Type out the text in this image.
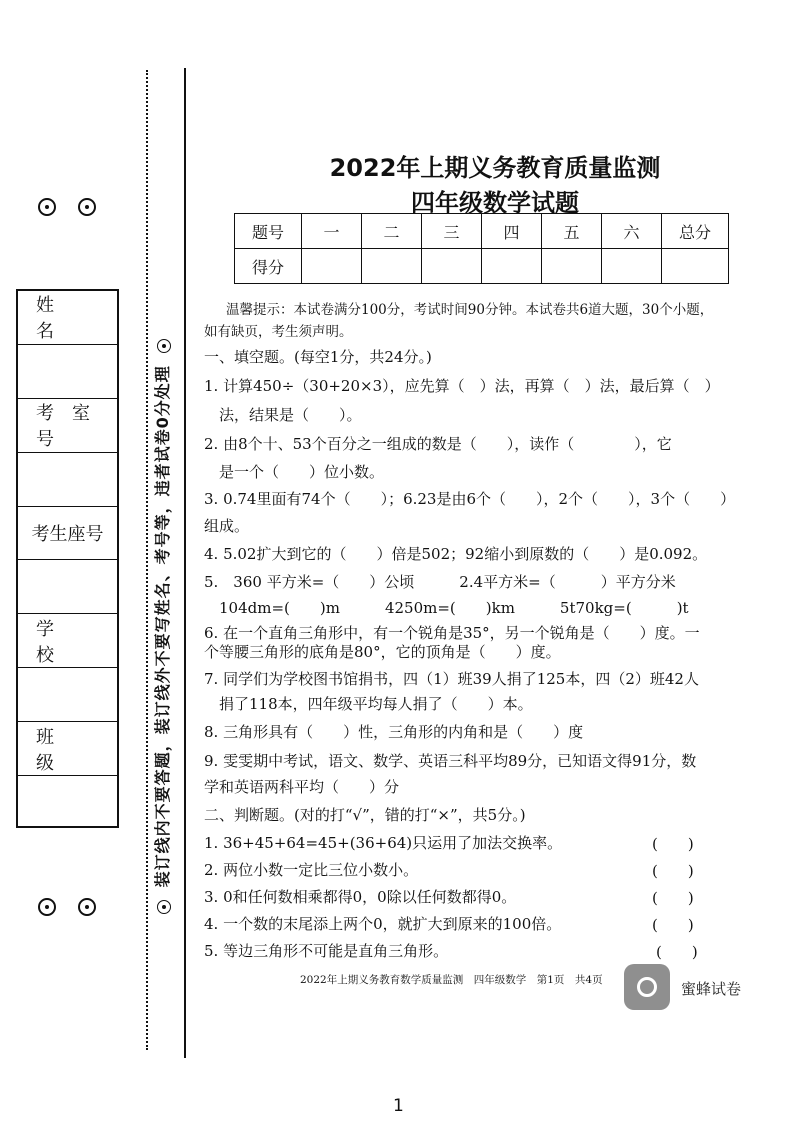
姓　名
考室号
考生座号
学　校
班　级	装订线内不要答题，装订线外不要写姓名、考号等，违者试卷0分处理
2022年上期义务教育质量监测
四年级数学试题
题号	一	二	三	四	五	六	总分
得分							
温馨提示：本试卷满分100分，考试时间90分钟。本试卷共6道大题，30个小题，
如有缺页，考生须声明。
一、填空题。(每空1分，共24分。)
1. 计算450÷（30+20×3），应先算（　）法，再算（　）法，最后算（　）
　法，结果是（　　）。
2. 由8个十、53个百分之一组成的数是（　　），读作（　　　　），它
　是一个（　　）位小数。
3. 0.74里面有74个（　　）；6.23是由6个（　　），2个（　　），3个（　　）
组成。
4. 5.02扩大到它的（　　）倍是502；92缩小到原数的（　　）是0.092。
5.　360 平方米=（　　）公顷　　　2.4平方米=（　　　）平方分米
　104dm=(　　)m　　　4250m=(　　)km　　　5t70kg=(　　　)t
6. 在一个直角三角形中，有一个锐角是35°，另一个锐角是（　　）度。一
个等腰三角形的底角是80°，它的顶角是（　　）度。
7. 同学们为学校图书馆捐书，四（1）班39人捐了125本，四（2）班42人
　捐了118本，四年级平均每人捐了（　　）本。
8. 三角形具有（　　）性，三角形的内角和是（　　）度
9. 雯雯期中考试，语文、数学、英语三科平均89分，已知语文得91分，数
学和英语两科平均（　　）分
二、判断题。(对的打“√”，错的打“×”，共5分。)
1. 36+45+64=45+(36+64)只运用了加法交换率。	(　　)
2. 两位小数一定比三位小数小。	(　　)
3. 0和任何数相乘都得0，0除以任何数都得0。	(　　)
4. 一个数的末尾添上两个0，就扩大到原来的100倍。	(　　)
5. 等边三角形不可能是直角三角形。	(　　)
2022年上期义务教育数学质量监测　四年级数学　第1页　共4页	蜜蜂试卷
1
